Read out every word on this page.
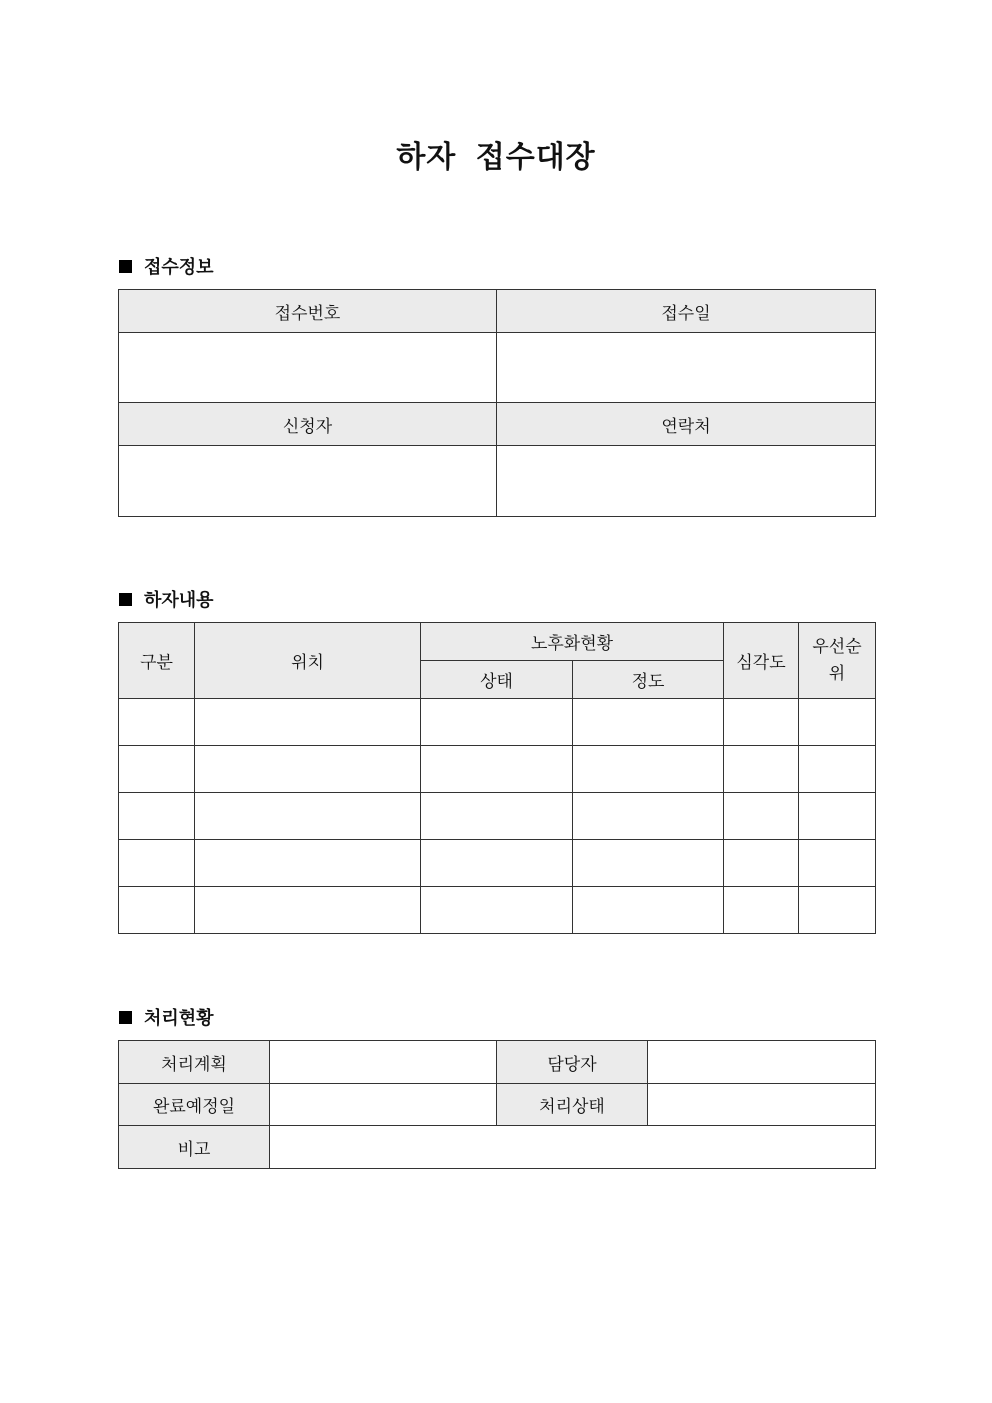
하자 접수대장
접수정보
접수번호	접수일

신청자	연락처

하자내용
구분	위치	노후화현황		심각도	우선순위
		상태	정도		

처리현황
처리계획		담당자	
완료예정일		처리상태	
비고			
